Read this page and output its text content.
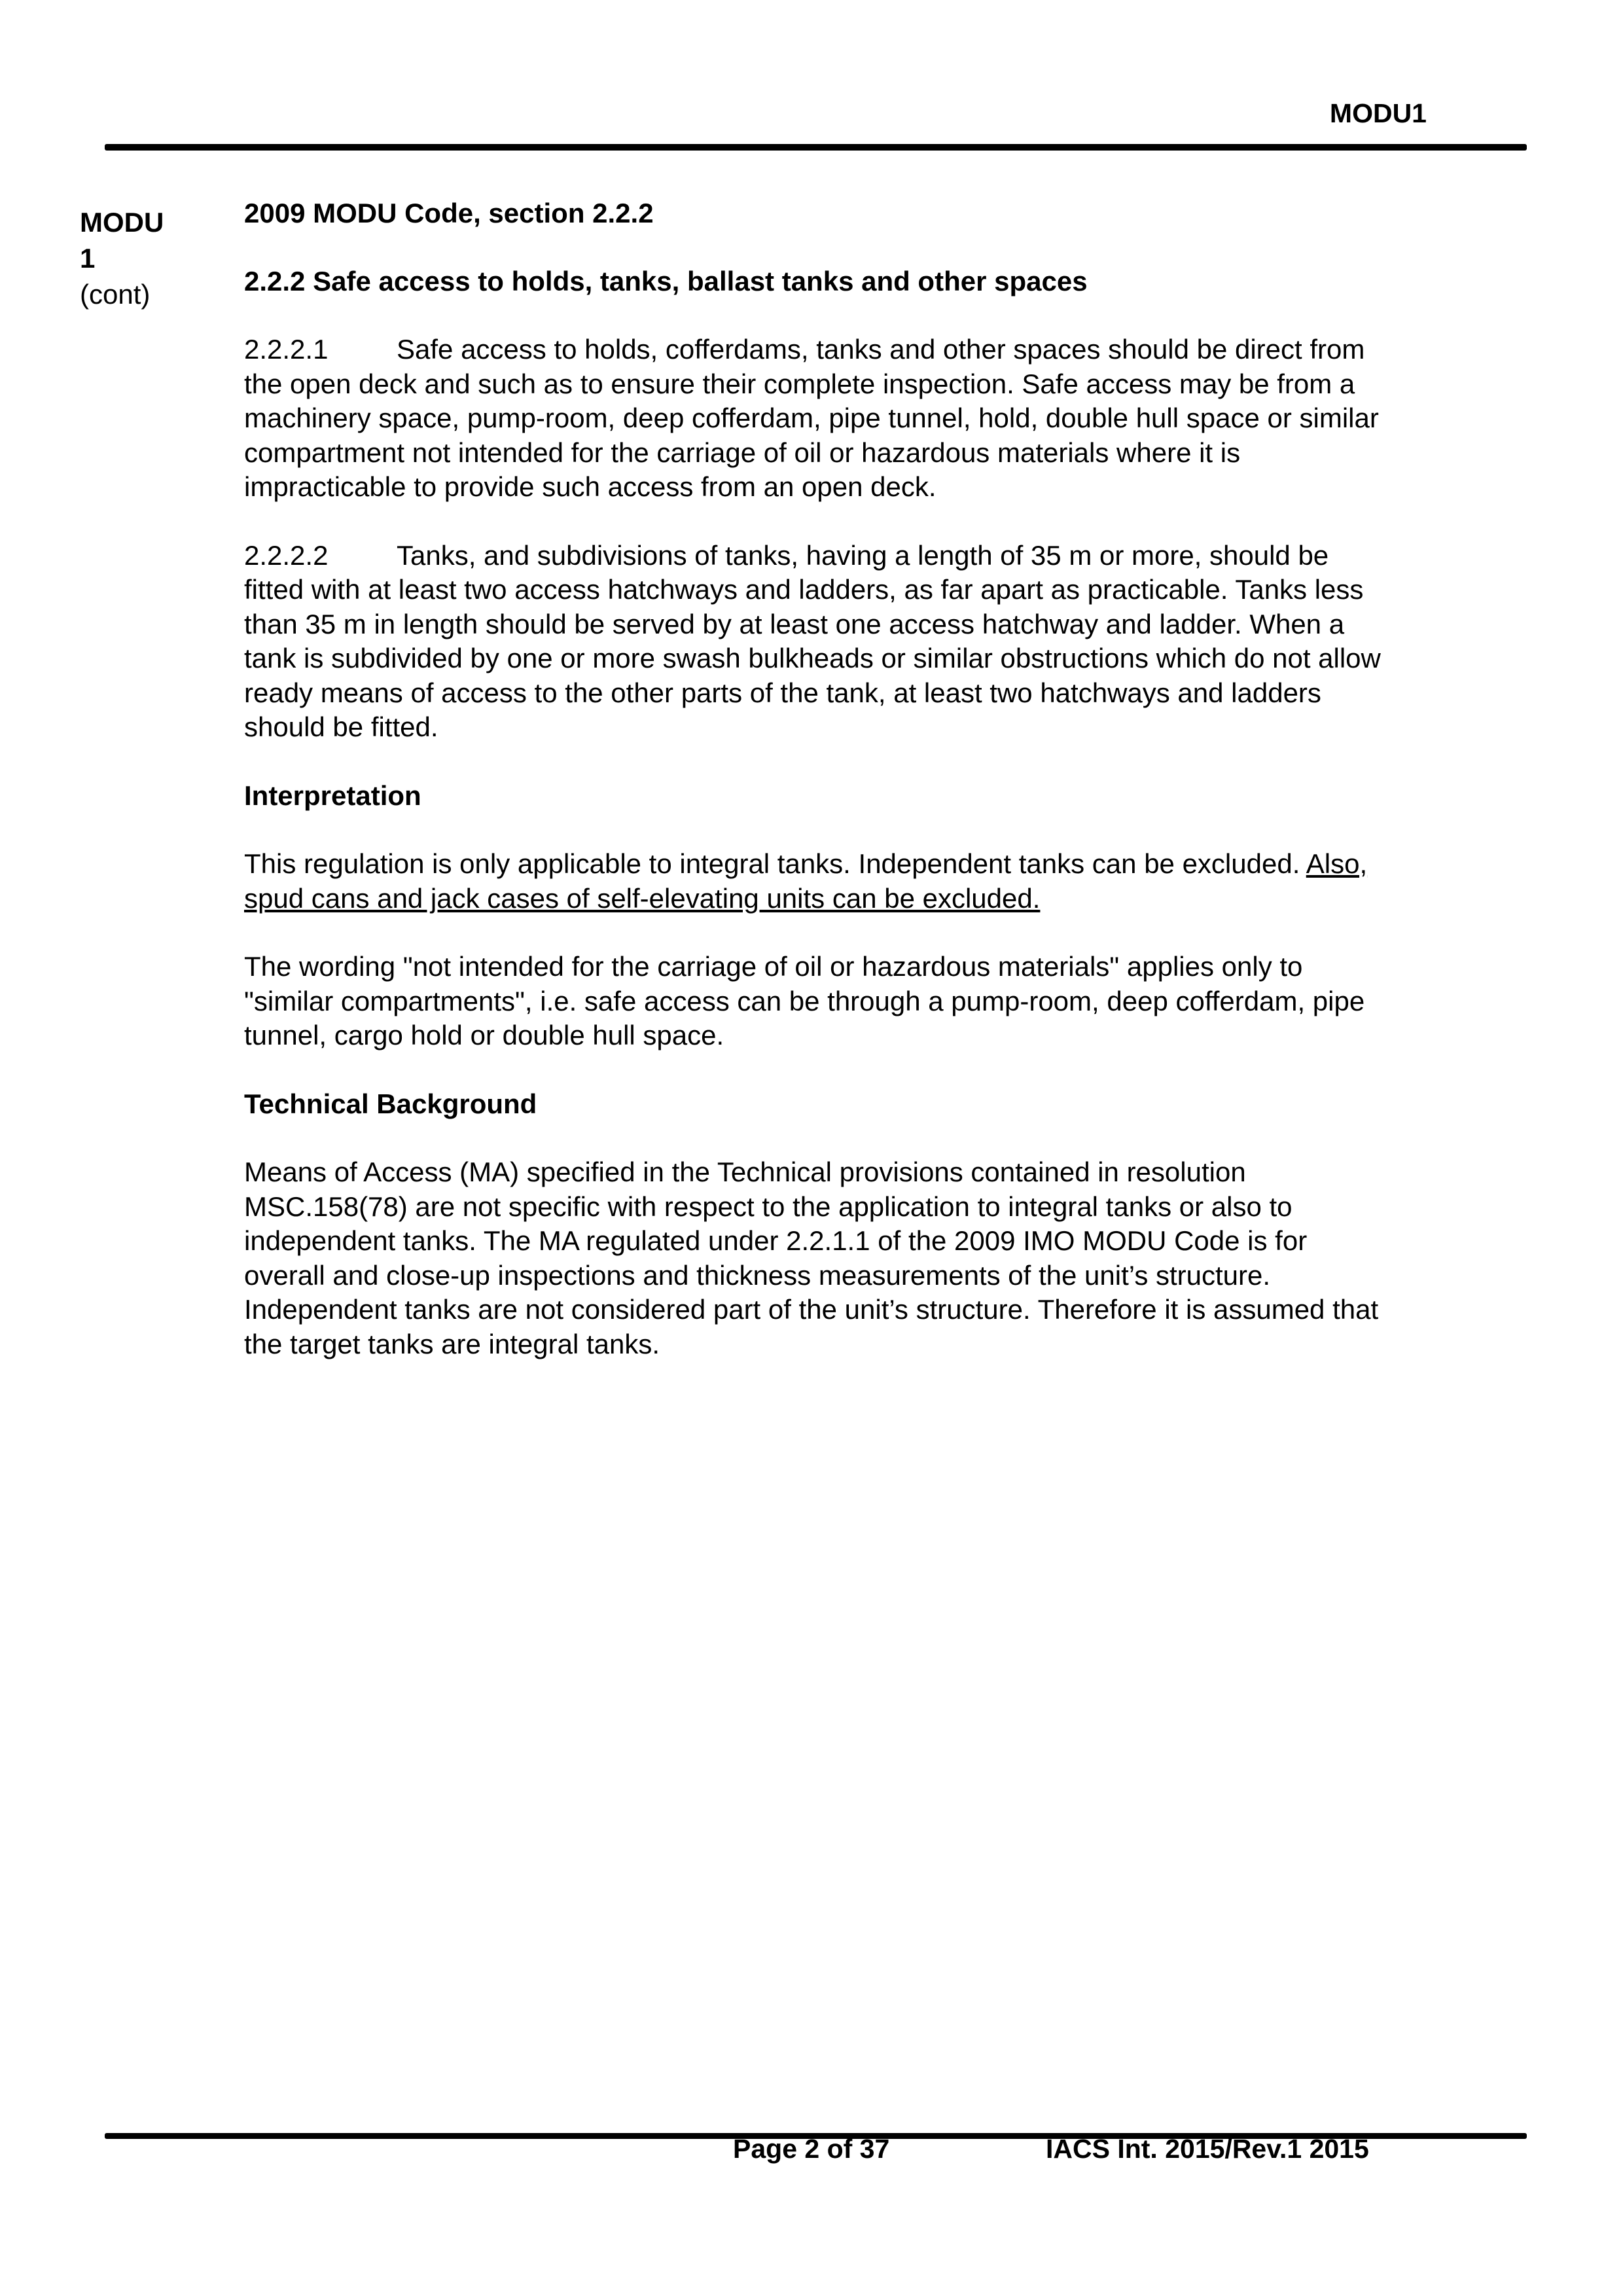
MODU1
MODU
1
(cont)

2009 MODU Code, section 2.2.2

2.2.2 Safe access to holds, tanks, ballast tanks and other spaces

2.2.2.1 Safe access to holds, cofferdams, tanks and other spaces should be direct from

the open deck and such as to ensure their complete inspection. Safe access may be from a

machinery space, pump-room, deep cofferdam, pipe tunnel, hold, double hull space or similar

compartment not intended for the carriage of oil or hazardous materials where it is

impracticable to provide such access from an open deck.

2.2.2.2 Tanks, and subdivisions of tanks, having a length of 35 m or more, should be

fitted with at least two access hatchways and ladders, as far apart as practicable. Tanks less

than 35 m in length should be served by at least one access hatchway and ladder. When a

tank is subdivided by one or more swash bulkheads or similar obstructions which do not allow

ready means of access to the other parts of the tank, at least two hatchways and ladders

should be fitted.

Interpretation

This regulation is only applicable to integral tanks. Independent tanks can be excluded. Also,

spud cans and jack cases of self-elevating units can be excluded.

The wording "not intended for the carriage of oil or hazardous materials" applies only to

"similar compartments", i.e. safe access can be through a pump-room, deep cofferdam, pipe

tunnel, cargo hold or double hull space.

Technical Background

Means of Access (MA) specified in the Technical provisions contained in resolution

MSC.158(78) are not specific with respect to the application to integral tanks or also to

independent tanks. The MA regulated under 2.2.1.1 of the 2009 IMO MODU Code is for

overall and close-up inspections and thickness measurements of the unit’s structure.

Independent tanks are not considered part of the unit’s structure. Therefore it is assumed that

the target tanks are integral tanks.

Page 2 of 37	IACS Int. 2015/Rev.1 2015
